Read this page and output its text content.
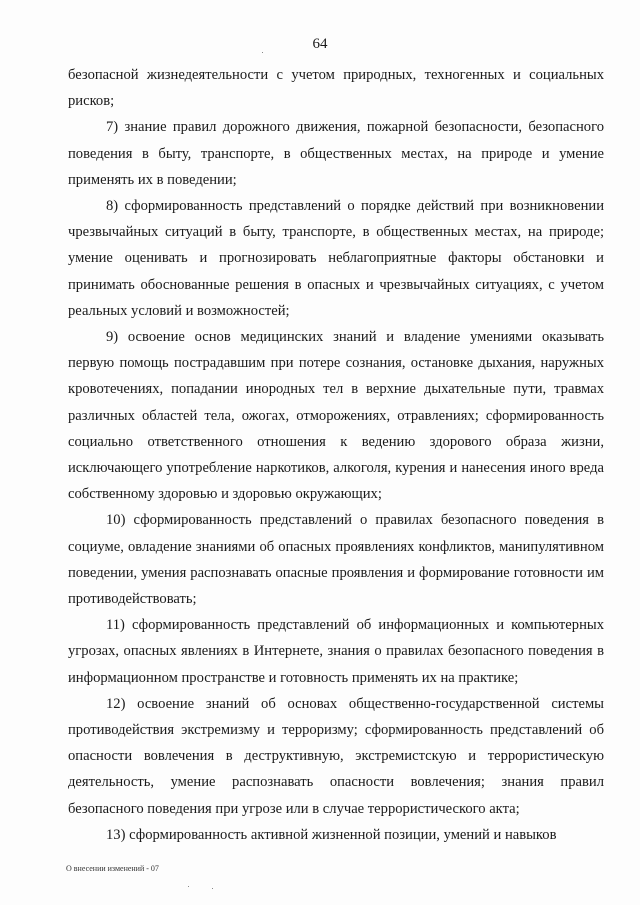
64

безопасной жизнедеятельности с учетом природных, техногенных и социальных рисков;

7) знание правил дорожного движения, пожарной безопасности, безопасного поведения в быту, транспорте, в общественных местах, на природе и умение применять их в поведении;

8) сформированность представлений о порядке действий при возникновении чрезвычайных ситуаций в быту, транспорте, в общественных местах, на природе; умение оценивать и прогнозировать неблагоприятные факторы обстановки и принимать обоснованные решения в опасных и чрезвычайных ситуациях, с учетом реальных условий и возможностей;

9) освоение основ медицинских знаний и владение умениями оказывать первую помощь пострадавшим при потере сознания, остановке дыхания, наружных кровотечениях, попадании инородных тел в верхние дыхательные пути, травмах различных областей тела, ожогах, отморожениях, отравлениях; сформированность социально ответственного отношения к ведению здорового образа жизни, исключающего употребление наркотиков, алкоголя, курения и нанесения иного вреда собственному здоровью и здоровью окружающих;

10) сформированность представлений о правилах безопасного поведения в социуме, овладение знаниями об опасных проявлениях конфликтов, манипулятивном поведении, умения распознавать опасные проявления и формирование готовности им противодействовать;

11) сформированность представлений об информационных и компьютерных угрозах, опасных явлениях в Интернете, знания о правилах безопасного поведения в информационном пространстве и готовность применять их на практике;

12) освоение знаний об основах общественно-государственной системы противодействия экстремизму и терроризму; сформированность представлений об опасности вовлечения в деструктивную, экстремистскую и террористическую деятельность, умение распознавать опасности вовлечения; знания правил безопасного поведения при угрозе или в случае террористического акта;

13) сформированность активной жизненной позиции, умений и навыков

О внесении изменений - 07
